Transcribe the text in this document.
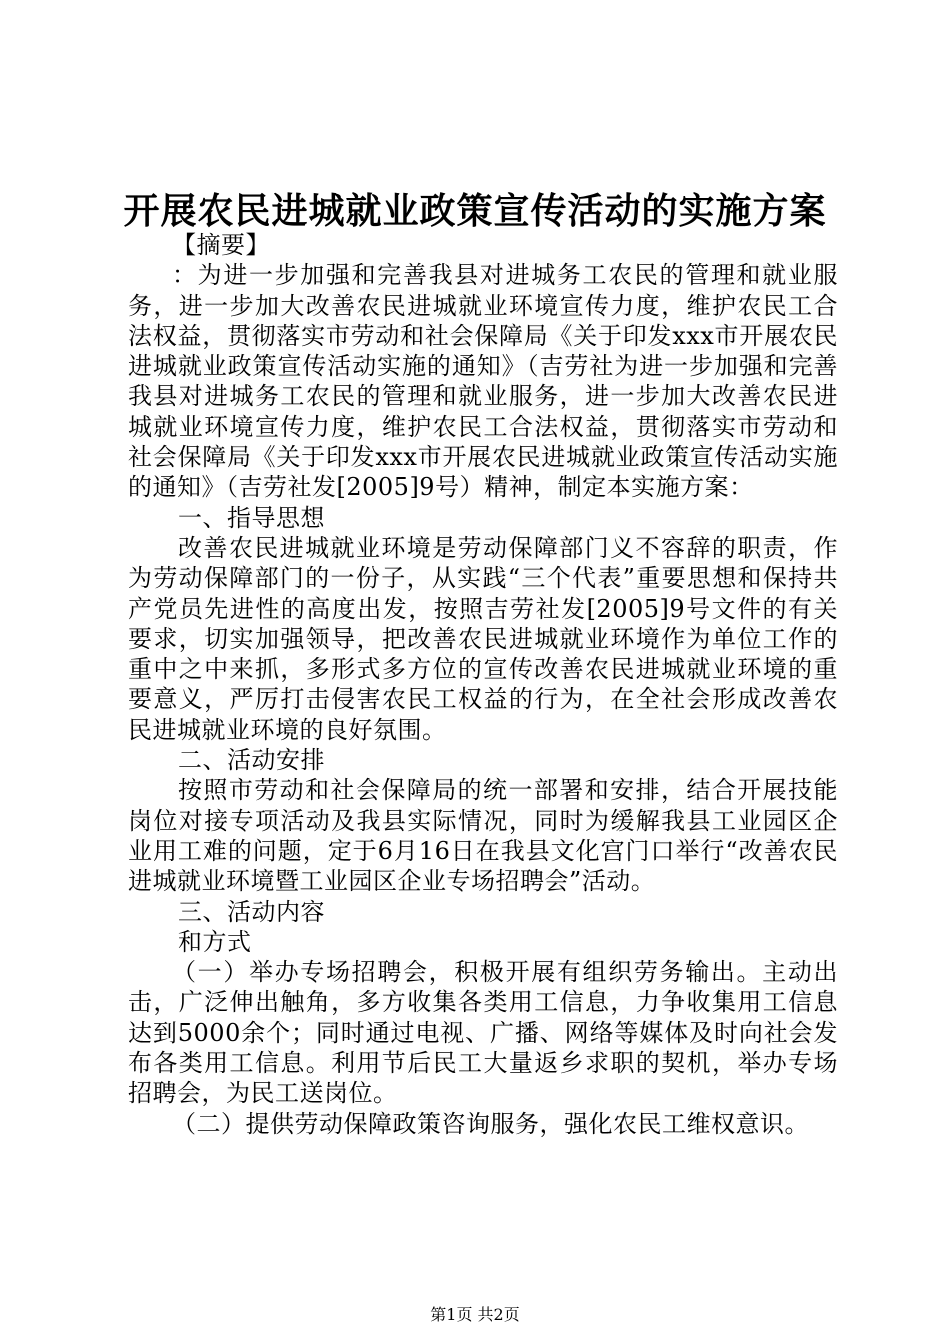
开展农民进城就业政策宣传活动的实施方案

【摘要】

：为进一步加强和完善我县对进城务工农民的管理和就业服务，进一步加大改善农民进城就业环境宣传力度，维护农民工合法权益，贯彻落实市劳动和社会保障局《关于印发xxx市开展农民进城就业政策宣传活动实施的通知》（吉劳社为进一步加强和完善我县对进城务工农民的管理和就业服务，进一步加大改善农民进城就业环境宣传力度，维护农民工合法权益，贯彻落实市劳动和社会保障局《关于印发xxx市开展农民进城就业政策宣传活动实施的通知》（吉劳社发[2005]9号）精神，制定本实施方案：

一、指导思想

改善农民进城就业环境是劳动保障部门义不容辞的职责，作为劳动保障部门的一份子，从实践“三个代表”重要思想和保持共产党员先进性的高度出发，按照吉劳社发[2005]9号文件的有关要求，切实加强领导，把改善农民进城就业环境作为单位工作的重中之中来抓，多形式多方位的宣传改善农民进城就业环境的重要意义，严厉打击侵害农民工权益的行为，在全社会形成改善农民进城就业环境的良好氛围。

二、活动安排

按照市劳动和社会保障局的统一部署和安排，结合开展技能岗位对接专项活动及我县实际情况，同时为缓解我县工业园区企业用工难的问题，定于6月16日在我县文化宫门口举行“改善农民进城就业环境暨工业园区企业专场招聘会”活动。

三、活动内容

和方式

（一）举办专场招聘会，积极开展有组织劳务输出。主动出击，广泛伸出触角，多方收集各类用工信息，力争收集用工信息达到5000余个；同时通过电视、广播、网络等媒体及时向社会发布各类用工信息。利用节后民工大量返乡求职的契机，举办专场招聘会，为民工送岗位。

（二）提供劳动保障政策咨询服务，强化农民工维权意识。

第1页 共2页
